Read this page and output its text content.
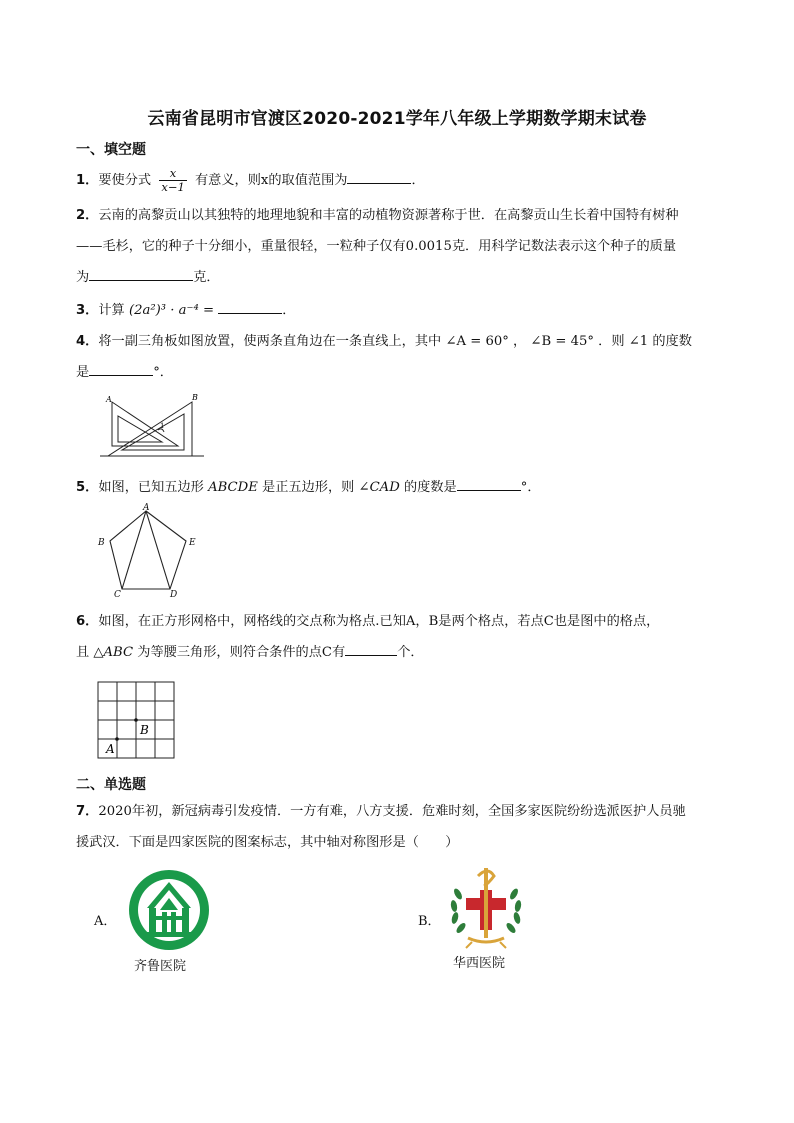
云南省昆明市官渡区2020-2021学年八年级上学期数学期末试卷
一、填空题
1．要使分式 $\frac{x}{x-1}$ 有意义，则x的取值范围为	．
2．云南的高黎贡山以其独特的地理地貌和丰富的动植物资源著称于世．在高黎贡山生长着中国特有树种
——毛杉，它的种子十分细小，重量很轻，一粒种子仅有0.0015克．用科学记数法表示这个种子的质量
为	克．
3．计算 (2a²)³ · a⁻⁴ =	．
4．将一副三角板如图放置，使两条直角边在一条直线上，其中 ∠A = 60° ， ∠B = 45° ．则 ∠1 的度数
是	°．
A	B
1
5．如图，已知五边形 ABCDE 是正五边形，则 ∠CAD 的度数是	°．
A
B
C	D
E
6．如图，在正方形网格中，网格线的交点称为格点.已知A，B是两个格点，若点C也是图中的格点，
且 △ABC 为等腰三角形，则符合条件的点C有	个．
A
B
二、单选题
7．2020年初，新冠病毒引发疫情．一方有难，八方支援．危难时刻，全国多家医院纷纷选派医护人员驰
援武汉．下面是四家医院的图案标志，其中轴对称图形是（　　）
A．
齐鲁医院
B．
华西医院
